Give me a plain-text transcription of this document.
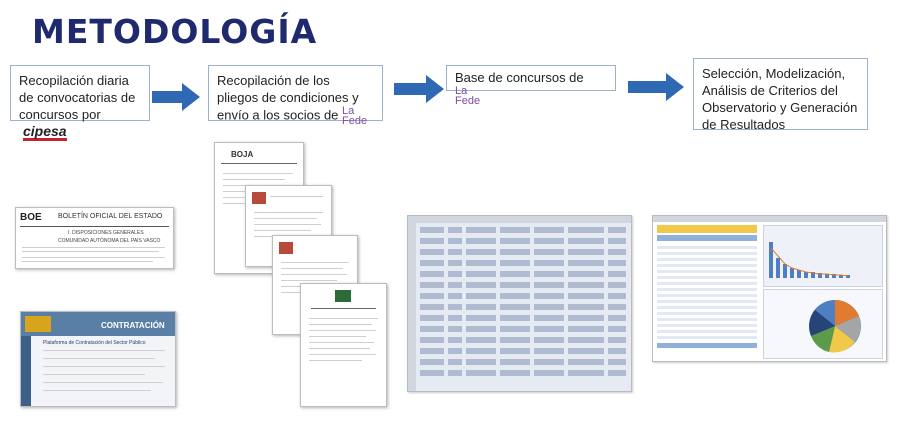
METODOLOGÍA
Recopilación diaria de convocatorias de concursos por cipesa
Recopilación de los pliegos de condiciones y envío a los socios de La
Fede
Base de concursos de
La
Fede
Selección, Modelización, Análisis de Criterios del Observatorio y Generación de Resultados
BOE BOLETÍN OFICIAL DEL ESTADO
I. DISPOSICIONES GENERALES
COMUNIDAD AUTÓNOMA DEL PAÍS VASCO
CONTRATACIÓN
Plataforma de Contratación del Sector Público
BOJA
